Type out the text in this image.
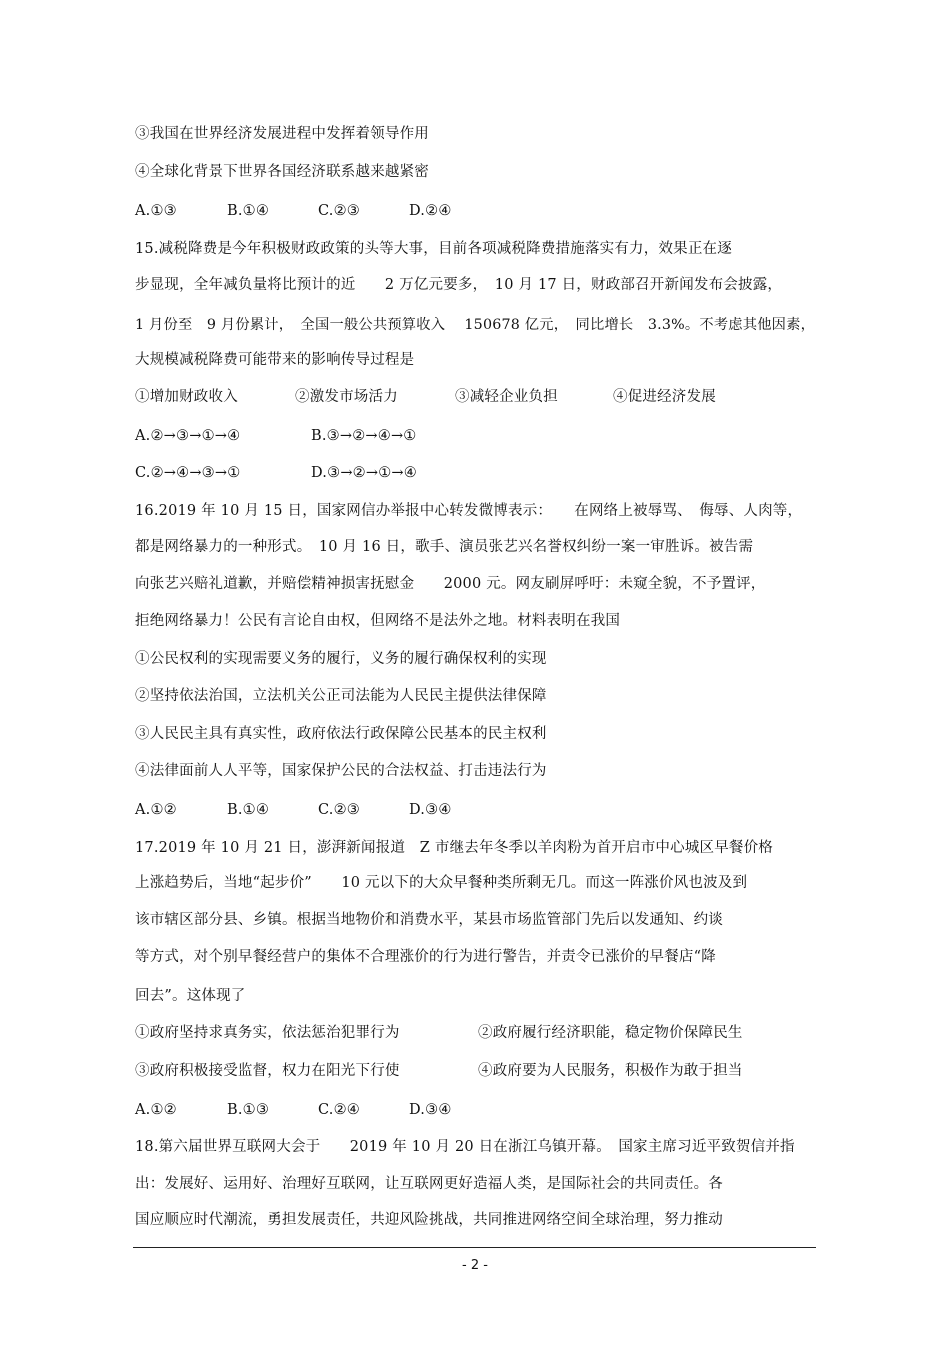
③我国在世界经济发展进程中发挥着领导作用
④全球化背景下世界各国经济联系越来越紧密
A.①③	B.①④	C.②③	D.②④
15.减税降费是今年积极财政政策的头等大事，目前各项减税降费措施落实有力，效果正在逐
步显现，全年减负量将比预计的近　　2 万亿元要多，　10 月 17 日，财政部召开新闻发布会披露，
1 月份至　9 月份累计，　全国一般公共预算收入　 150678 亿元，　同比增长　3.3%。不考虑其他因素，
大规模减税降费可能带来的影响传导过程是
①增加财政收入	②激发市场活力	③减轻企业负担	④促进经济发展
A.②→③→①→④	B.③→②→④→①
C.②→④→③→①	D.③→②→①→④
16.2019 年 10 月 15 日，国家网信办举报中心转发微博表示：　　在网络上被辱骂、　侮辱、人肉等，
都是网络暴力的一种形式。　10 月 16 日，歌手、演员张艺兴名誉权纠纷一案一审胜诉。被告需
向张艺兴赔礼道歉，并赔偿精神损害抚慰金　　2000 元。网友刷屏呼吁：未窥全貌，不予置评，
拒绝网络暴力！公民有言论自由权，但网络不是法外之地。材料表明在我国
①公民权利的实现需要义务的履行，义务的履行确保权利的实现
②坚持依法治国，立法机关公正司法能为人民民主提供法律保障
③人民民主具有真实性，政府依法行政保障公民基本的民主权利
④法律面前人人平等，国家保护公民的合法权益、打击违法行为
A.①②	B.①④	C.②③	D.③④
17.2019 年 10 月 21 日，澎湃新闻报道　Z 市继去年冬季以羊肉粉为首开启市中心城区早餐价格
上涨趋势后，当地“起步价”　　10 元以下的大众早餐种类所剩无几。而这一阵涨价风也波及到
该市辖区部分县、乡镇。根据当地物价和消费水平，某县市场监管部门先后以发通知、约谈
等方式，对个别早餐经营户的集体不合理涨价的行为进行警告，并责令已涨价的早餐店“降
回去”。这体现了
①政府坚持求真务实，依法惩治犯罪行为	②政府履行经济职能，稳定物价保障民生
③政府积极接受监督，权力在阳光下行使	④政府要为人民服务，积极作为敢于担当
A.①②	B.①③	C.②④	D.③④
18.第六届世界互联网大会于　　2019 年 10 月 20 日在浙江乌镇开幕。　国家主席习近平致贺信并指
出：发展好、运用好、治理好互联网，让互联网更好造福人类，是国际社会的共同责任。各
国应顺应时代潮流，勇担发展责任，共迎风险挑战，共同推进网络空间全球治理，努力推动
- 2 -
